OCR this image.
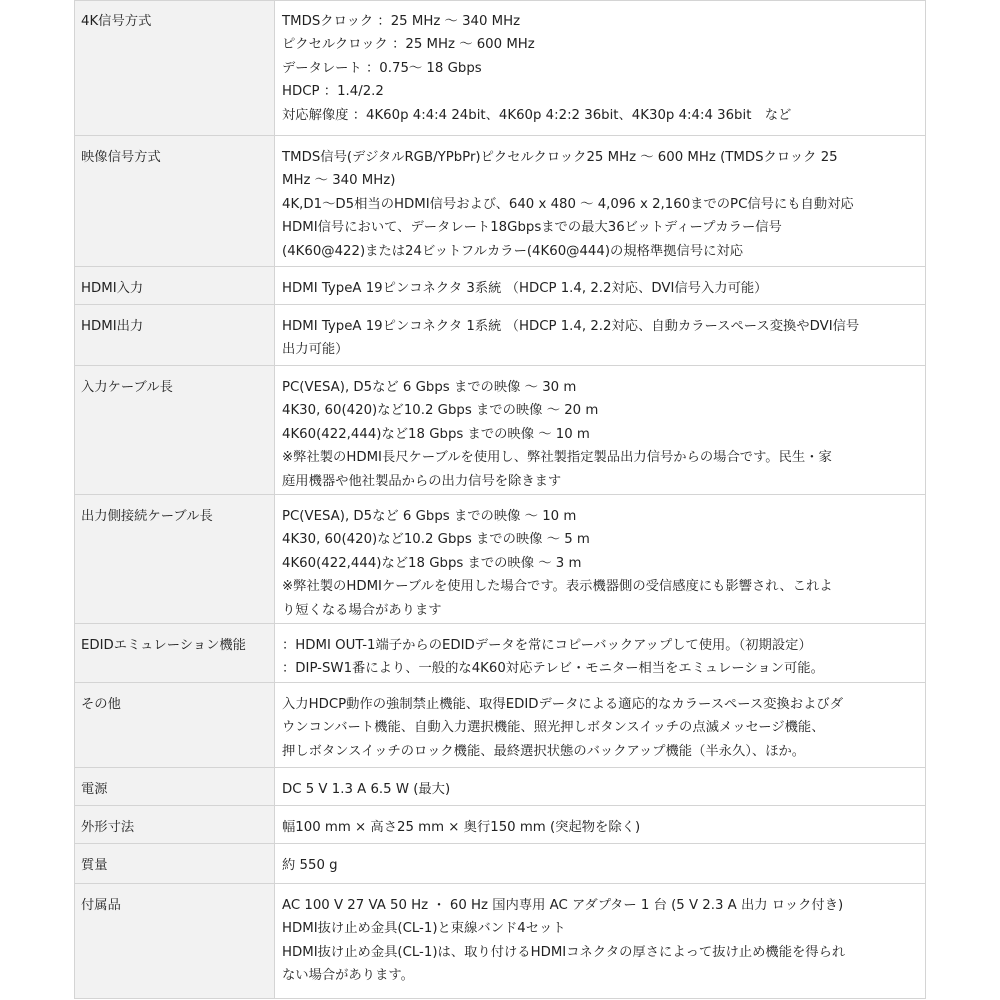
4K信号方式	TMDSクロック ：25 MHz ～ 340 MHz
ピクセルクロック ：25 MHz ～ 600 MHz
データレート ：0.75～ 18 Gbps
HDCP ：1.4/2.2
対応解像度 ：4K60p 4:4:4 24bit、4K60p 4:2:2 36bit、4K30p 4:4:4 36bit　など

映像信号方式	TMDS信号(デジタルRGB/YPbPr)ピクセルクロック25 MHz ～ 600 MHz (TMDSクロック 25
MHz ～ 340 MHz)
4K,D1～D5相当のHDMI信号および、640 x 480 ～ 4,096 x 2,160までのPC信号にも自動対応
HDMI信号において、データレート18Gbpsまでの最大36ビットディープカラー信号
(4K60@422)または24ビットフルカラー(4K60@444)の規格準拠信号に対応

HDMI入力	HDMI TypeA 19ピンコネクタ 3系統 （HDCP 1.4, 2.2対応、DVI信号入力可能）

HDMI出力	HDMI TypeA 19ピンコネクタ 1系統 （HDCP 1.4, 2.2対応、自動カラースペース変換やDVI信号
出力可能）

入力ケーブル長	PC(VESA), D5など 6 Gbps までの映像 ～ 30 m
4K30, 60(420)など10.2 Gbps までの映像 ～ 20 m
4K60(422,444)など18 Gbps までの映像 ～ 10 m
※弊社製のHDMI長尺ケーブルを使用し、弊社製指定製品出力信号からの場合です。民生・家
庭用機器や他社製品からの出力信号を除きます

出力側接続ケーブル長	PC(VESA), D5など 6 Gbps までの映像 ～ 10 m
4K30, 60(420)など10.2 Gbps までの映像 ～ 5 m
4K60(422,444)など18 Gbps までの映像 ～ 3 m
※弊社製のHDMIケーブルを使用した場合です。表示機器側の受信感度にも影響され、これよ
り短くなる場合があります

EDIDエミュレーション機能	：HDMI OUT-1端子からのEDIDデータを常にコピーバックアップして使用。（初期設定）
：DIP-SW1番により、一般的な4K60対応テレビ・モニター相当をエミュレーション可能。

その他	入力HDCP動作の強制禁止機能、取得EDIDデータによる適応的なカラースペース変換およびダ
ウンコンバート機能、自動入力選択機能、照光押しボタンスイッチの点滅メッセージ機能、
押しボタンスイッチのロック機能、最終選択状態のバックアップ機能（半永久）、ほか。

電源	DC 5 V 1.3 A 6.5 W (最大)

外形寸法	幅100 mm × 高さ25 mm × 奥行150 mm (突起物を除く)

質量	約 550 g

付属品	AC 100 V 27 VA 50 Hz ・ 60 Hz 国内専用 AC アダプター 1 台 (5 V 2.3 A 出力 ロック付き)
HDMI抜け止め金具(CL-1)と束線バンド4セット
HDMI抜け止め金具(CL-1)は、取り付けるHDMIコネクタの厚さによって抜け止め機能を得られ
ない場合があります。
